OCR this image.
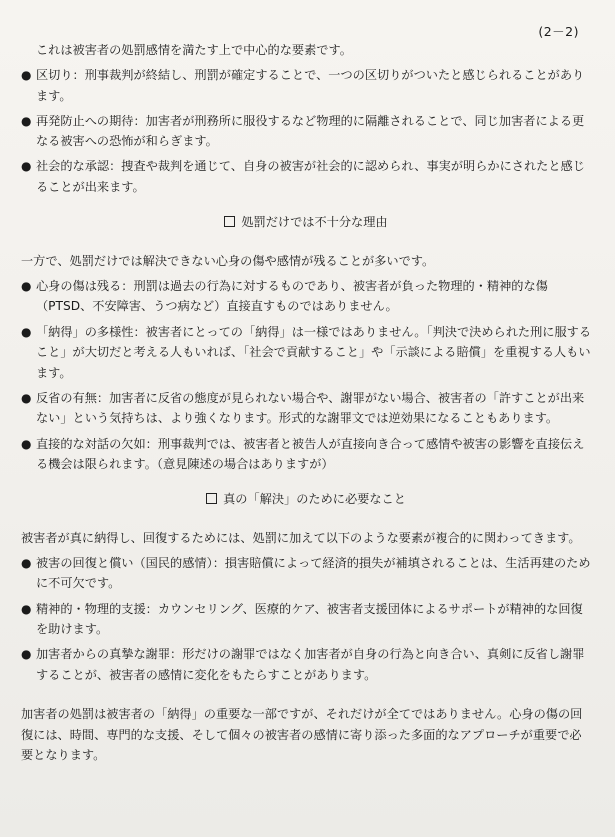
(2－2)

これは被害者の処罰感情を満たす上で中心的な要素です。

● 区切り：刑事裁判が終結し、刑罰が確定することで、一つの区切りがついたと感じられることがあります。

● 再発防止への期待：加害者が刑務所に服役するなど物理的に隔離されることで、同じ加害者による更なる被害への恐怖が和らぎます。

● 社会的な承認：捜査や裁判を通じて、自身の被害が社会的に認められ、事実が明らかにされたと感じることが出来ます。

処罰だけでは不十分な理由

一方で、処罰だけでは解決できない心身の傷や感情が残ることが多いです。

● 心身の傷は残る：刑罰は過去の行為に対するものであり、被害者が負った物理的・精神的な傷（PTSD、不安障害、うつ病など）直接直すものではありません。

● 「納得」の多様性：被害者にとっての「納得」は一様ではありません。「判決で決められた刑に服すること」が大切だと考える人もいれば、「社会で貢献すること」や「示談による賠償」を重視する人もいます。

● 反省の有無：加害者に反省の態度が見られない場合や、謝罪がない場合、被害者の「許すことが出来ない」という気持ちは、より強くなります。形式的な謝罪文では逆効果になることもあります。

● 直接的な対話の欠如：刑事裁判では、被害者と被告人が直接向き合って感情や被害の影響を直接伝える機会は限られます。（意見陳述の場合はありますが）

真の「解決」のために必要なこと

被害者が真に納得し、回復するためには、処罰に加えて以下のような要素が複合的に関わってきます。

● 被害の回復と償い（国民的感情）：損害賠償によって経済的損失が補填されることは、生活再建のために不可欠です。

● 精神的・物理的支援：カウンセリング、医療的ケア、被害者支援団体によるサポートが精神的な回復を助けます。

● 加害者からの真摯な謝罪：形だけの謝罪ではなく加害者が自身の行為と向き合い、真剣に反省し謝罪することが、被害者の感情に変化をもたらすことがあります。

加害者の処罰は被害者の「納得」の重要な一部ですが、それだけが全てではありません。心身の傷の回復には、時間、専門的な支援、そして個々の被害者の感情に寄り添った多面的なアプローチが重要で必要となります。
